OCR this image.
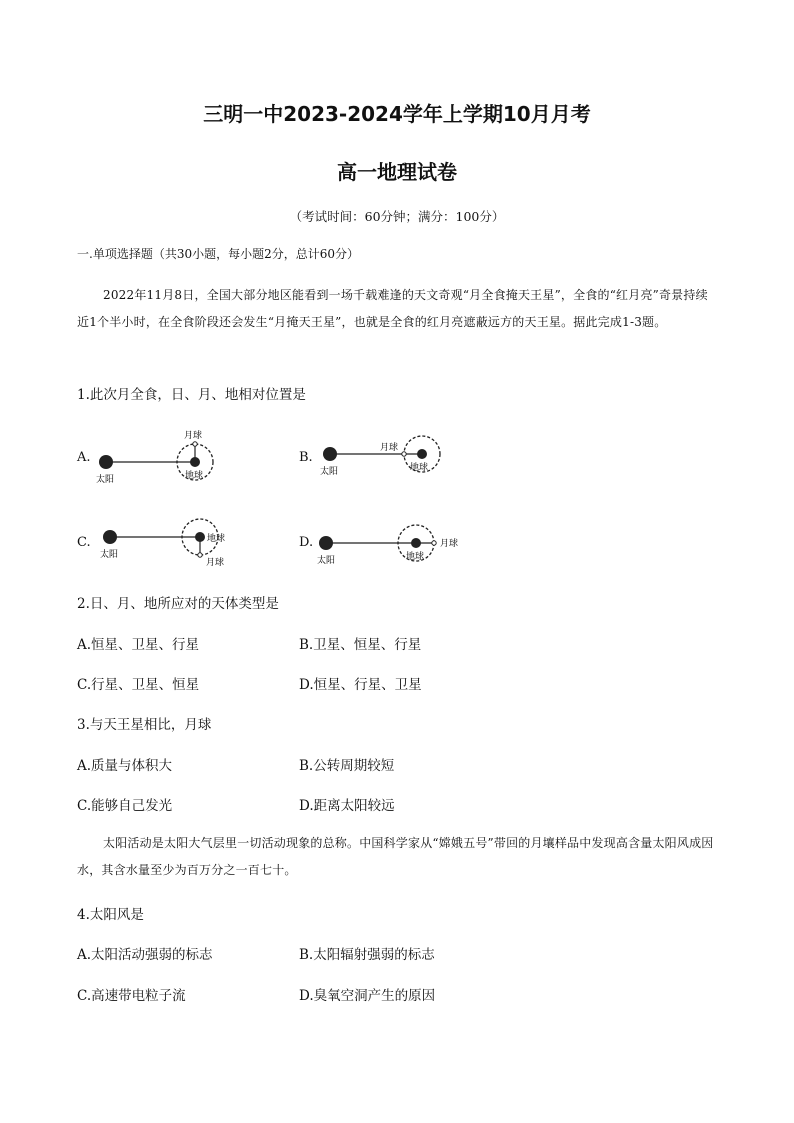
三明一中2023-2024学年上学期10月月考
高一地理试卷
（考试时间：60分钟；满分：100分）
一.单项选择题（共30小题，每小题2分，总计60分）
2022年11月8日，全国大部分地区能看到一场千载难逢的天文奇观“月全食掩天王星”，全食的“红月亮”奇景持续近1个半小时，在全食阶段还会发生“月掩天王星”，也就是全食的红月亮遮蔽远方的天王星。据此完成1-3题。
1.此次月全食，日、月、地相对位置是
A.
太阳
月球
地球
B.
太阳
月球
地球
C.
太阳
地球
月球
D.
太阳
月球
地球
2.日、月、地所应对的天体类型是
A.恒星、卫星、行星	B.卫星、恒星、行星
C.行星、卫星、恒星	D.恒星、行星、卫星
3.与天王星相比，月球
A.质量与体积大	B.公转周期较短
C.能够自己发光	D.距离太阳较远
太阳活动是太阳大气层里一切活动现象的总称。中国科学家从“嫦娥五号”带回的月壤样品中发现高含量太阳风成因水，其含水量至少为百万分之一百七十。
4.太阳风是
A.太阳活动强弱的标志	B.太阳辐射强弱的标志
C.高速带电粒子流	D.臭氧空洞产生的原因
